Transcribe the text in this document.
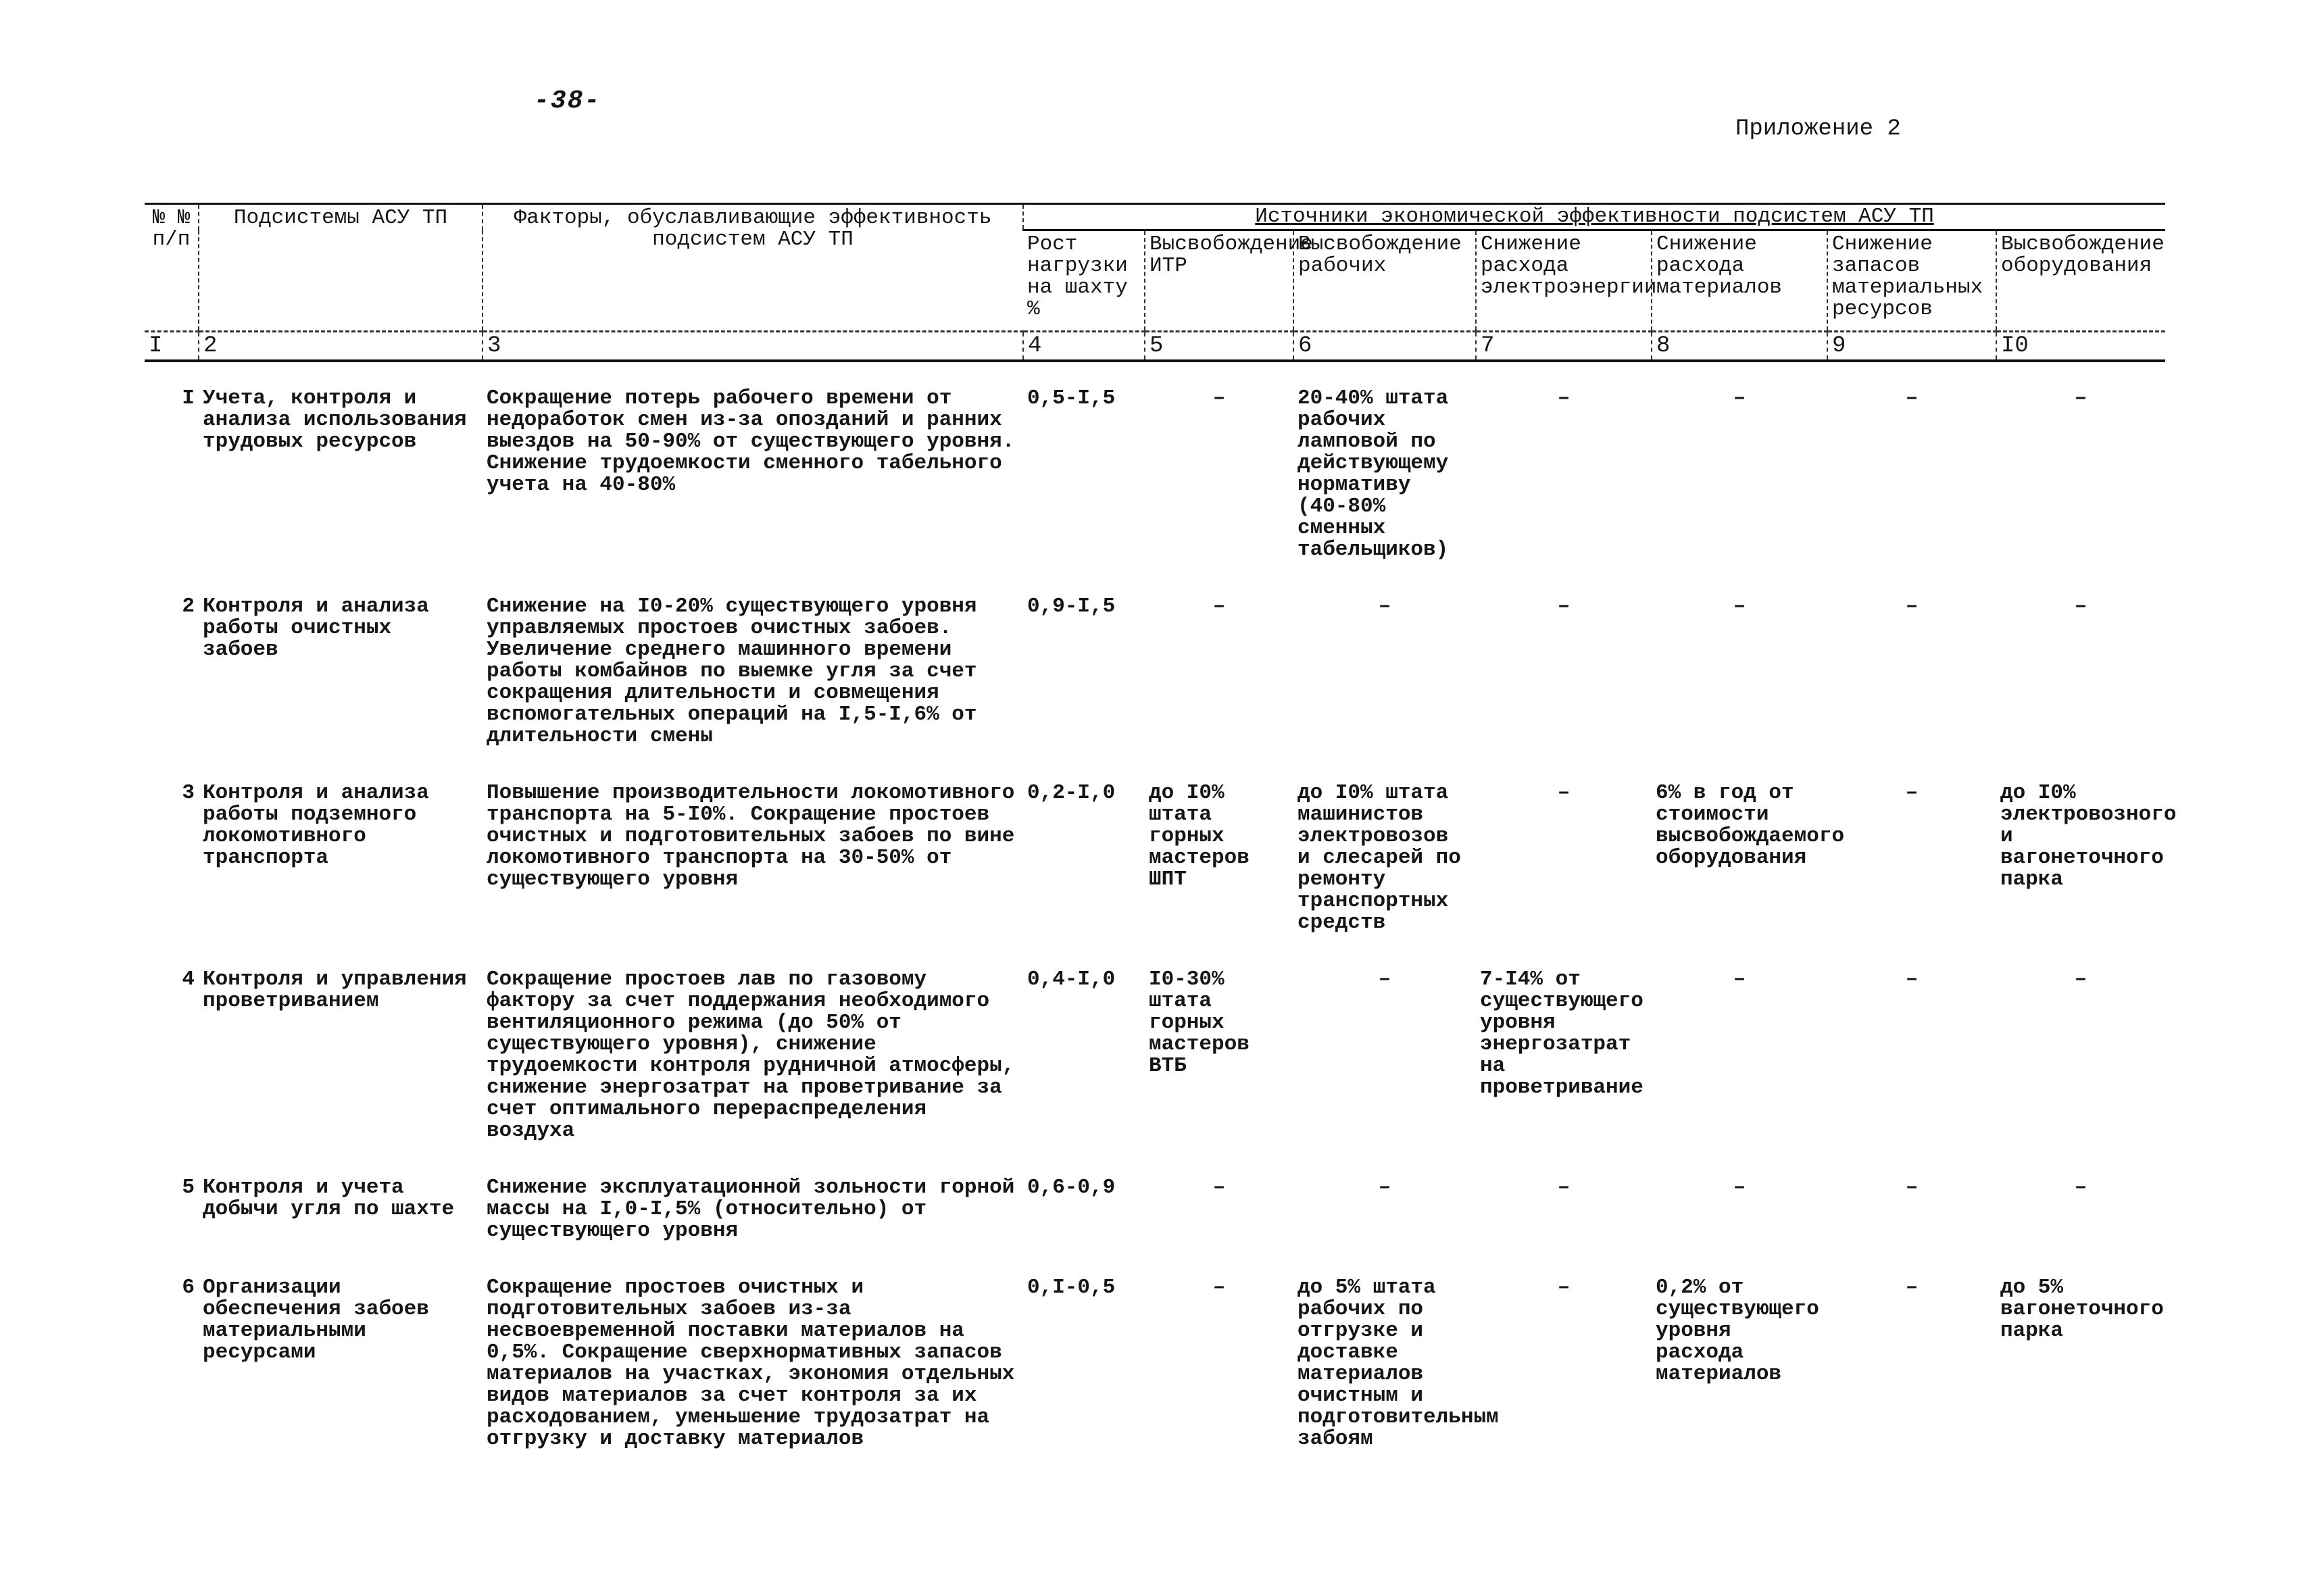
-38-
Приложение 2
№ № п/п	Подсистемы АСУ ТП	Факторы, обуславливающие эффективность подсистем АСУ ТП	Источники экономической эффективности подсистем АСУ ТП						
			Рост нагрузки на шахту %	Высвобождение ИТР	Высвобождение рабочих	Снижение расхода электроэнергии	Снижение расхода материалов	Снижение запасов материальных ресурсов	Высвобождение оборудования
I	2	3	4	5	6	7	8	9	I0
I	Учета, контроля и анализа использования трудовых ресурсов	Сокращение потерь рабочего времени от недоработок смен из-за опозданий и ранних выездов на 50-90% от существующего уровня. Снижение трудоемкости сменного табельного учета на 40-80%	0,5-I,5	–	20-40% штата рабочих ламповой по действующему нормативу (40-80% сменных табельщиков)	–	–	–	–
2	Контроля и анализа работы очистных забоев	Снижение на I0-20% существующего уровня управляемых простоев очистных забоев. Увеличение среднего машинного времени работы комбайнов по выемке угля за счет сокращения длительности и совмещения вспомогательных операций на I,5-I,6% от длительности смены	0,9-I,5	–	–	–	–	–	–
3	Контроля и анализа работы подземного локомотивного транспорта	Повышение производительности локомотивного транспорта на 5-I0%. Сокращение простоев очистных и подготовительных забоев по вине локомотивного транспорта на 30-50% от существующего уровня	0,2-I,0	до I0% штата горных мастеров ШПТ	до I0% штата машинистов электровозов и слесарей по ремонту транспортных средств	–	6% в год от стоимости высвобождаемого оборудования	–	до I0% электровозного и вагонеточного парка
4	Контроля и управления проветриванием	Сокращение простоев лав по газовому фактору за счет поддержания необходимого вентиляционного режима (до 50% от существующего уровня), снижение трудоемкости контроля рудничной атмосферы, снижение энергозатрат на проветривание за счет оптимального перераспределения воздуха	0,4-I,0	I0-30% штата горных мастеров ВТБ	–	7-I4% от существующего уровня энергозатрат на проветривание	–	–	–
5	Контроля и учета добычи угля по шахте	Снижение эксплуатационной зольности горной массы на I,0-I,5% (относительно) от существующего уровня	0,6-0,9	–	–	–	–	–	–
6	Организации обеспечения забоев материальными ресурсами	Сокращение простоев очистных и подготовительных забоев из-за несвоевременной поставки материалов на 0,5%. Сокращение сверхнормативных запасов материалов на участках, экономия отдельных видов материалов за счет контроля за их расходованием, уменьшение трудозатрат на отгрузку и доставку материалов	0,I-0,5	–	до 5% штата рабочих по отгрузке и доставке материалов очистным и подготовительным забоям	–	0,2% от существующего уровня расхода материалов	–	до 5% вагонеточного парка
